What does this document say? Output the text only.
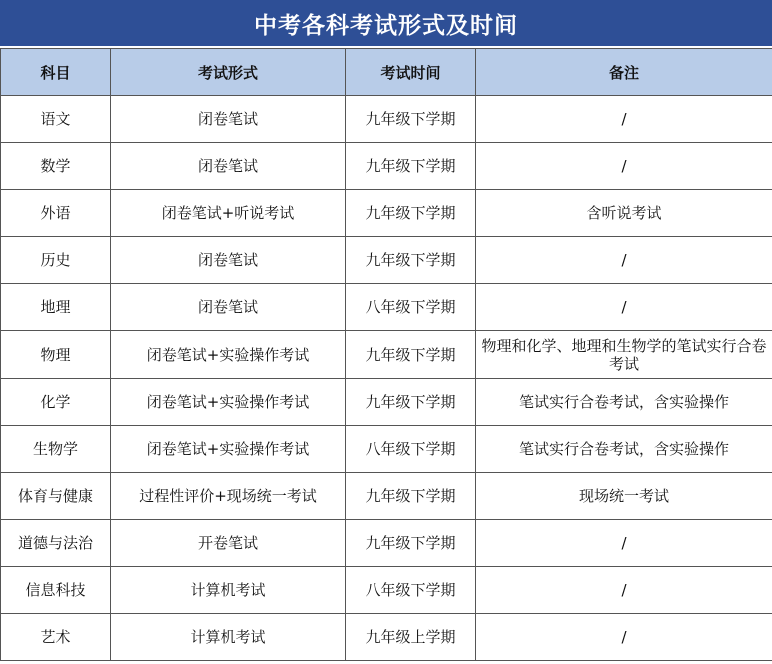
中考各科考试形式及时间
科目	考试形式	考试时间	备注
语文	闭卷笔试	九年级下学期	/
数学	闭卷笔试	九年级下学期	/
外语	闭卷笔试+听说考试	九年级下学期	含听说考试
历史	闭卷笔试	九年级下学期	/
地理	闭卷笔试	八年级下学期	/
物理	闭卷笔试+实验操作考试	九年级下学期	物理和化学、地理和生物学的笔试实行合卷考试
化学	闭卷笔试+实验操作考试	九年级下学期	笔试实行合卷考试，含实验操作
生物学	闭卷笔试+实验操作考试	八年级下学期	笔试实行合卷考试，含实验操作
体育与健康	过程性评价+现场统一考试	九年级下学期	现场统一考试
道德与法治	开卷笔试	九年级下学期	/
信息科技	计算机考试	八年级下学期	/
艺术	计算机考试	九年级上学期	/
